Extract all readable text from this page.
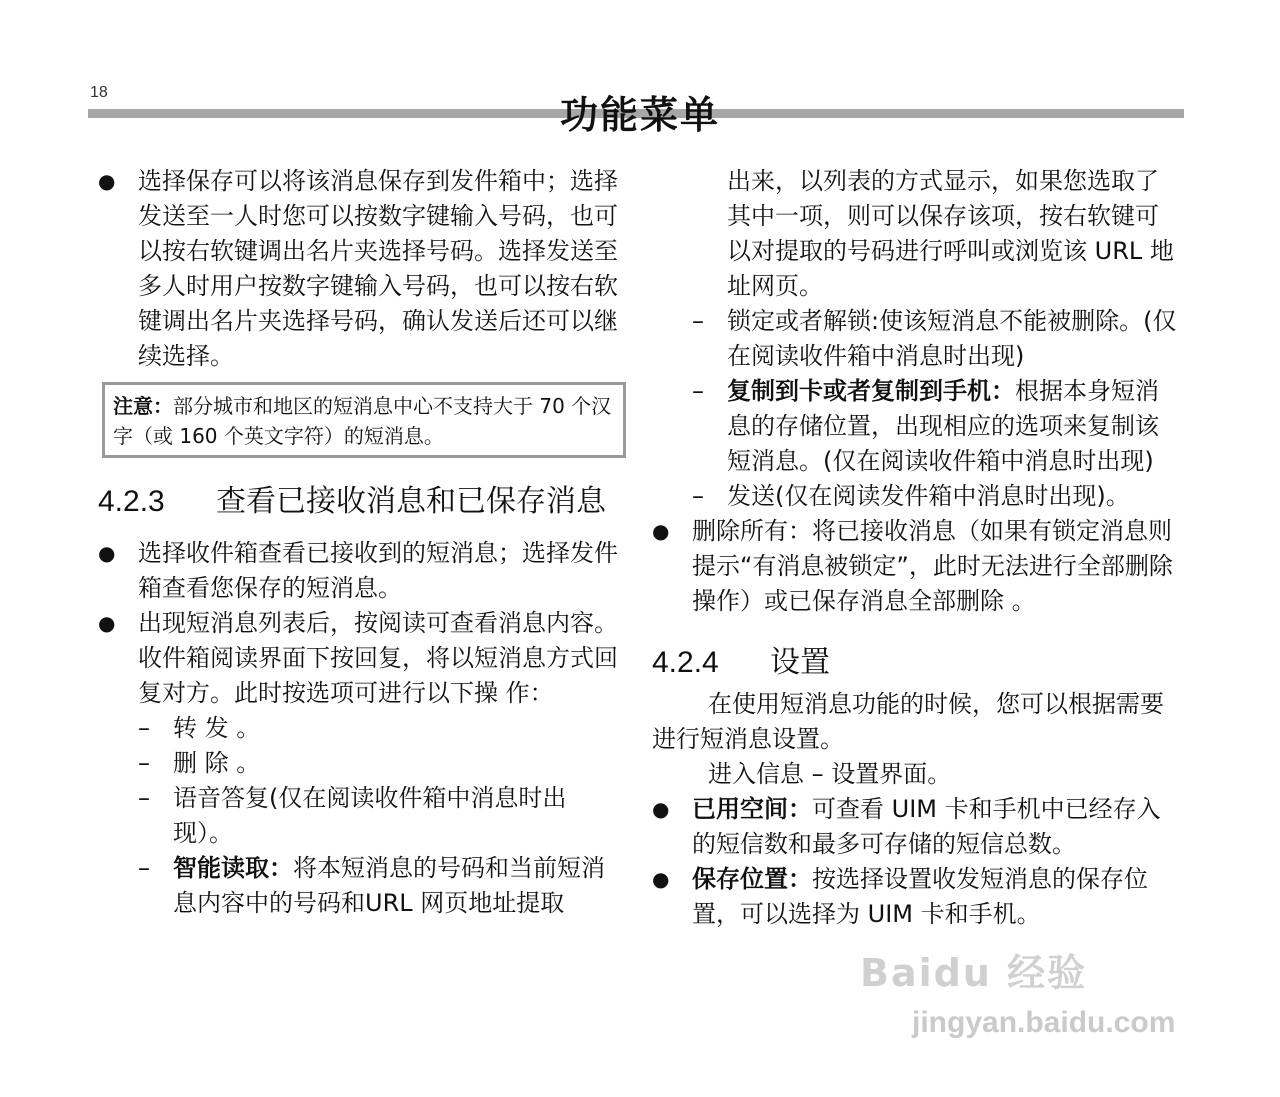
18
功能菜单

● 选择保存可以将该消息保存到发件箱中；选择发送至一人时您可以按数字键输入号码，也可以按右软键调出名片夹选择号码。选择发送至多人时用户按数字键输入号码，也可以按右软键调出名片夹选择号码，确认发送后还可以继续选择。

注意：部分城市和地区的短消息中心不支持大于 70 个汉字（或 160 个英文字符）的短消息。
4.2.3 查看已接收消息和已保存消息

● 选择收件箱查看已接收到的短消息；选择发件箱查看您保存的短消息。

● 出现短消息列表后，按阅读可查看消息内容。收件箱阅读界面下按回复，将以短消息方式回复对方。此时按选项可进行以下操 作：

– 转 发 。

– 删 除 。

– 语音答复(仅在阅读收件箱中消息时出现）。

– 智能读取：将本短消息的号码和当前短消息内容中的号码和URL 网页地址提取

出来，以列表的方式显示，如果您选取了其中一项，则可以保存该项，按右软键可以对提取的号码进行呼叫或浏览该 URL 地址网页。

– 锁定或者解锁:使该短消息不能被删除。(仅在阅读收件箱中消息时出现)

– 复制到卡或者复制到手机：根据本身短消息的存储位置，出现相应的选项来复制该短消息。(仅在阅读收件箱中消息时出现)

– 发送(仅在阅读发件箱中消息时出现)。

● 删除所有：将已接收消息（如果有锁定消息则提示“有消息被锁定”，此时无法进行全部删除操作）或已保存消息全部删除 。

4.2.4 设置

在使用短消息功能的时候，您可以根据需要进行短消息设置。

进入信息 – 设置界面。

● 已用空间：可查看 UIM 卡和手机中已经存入的短信数和最多可存储的短信总数。

● 保存位置：按选择设置收发短消息的保存位置，可以选择为 UIM 卡和手机。

Baidu 经验
jingyan.baidu.com
